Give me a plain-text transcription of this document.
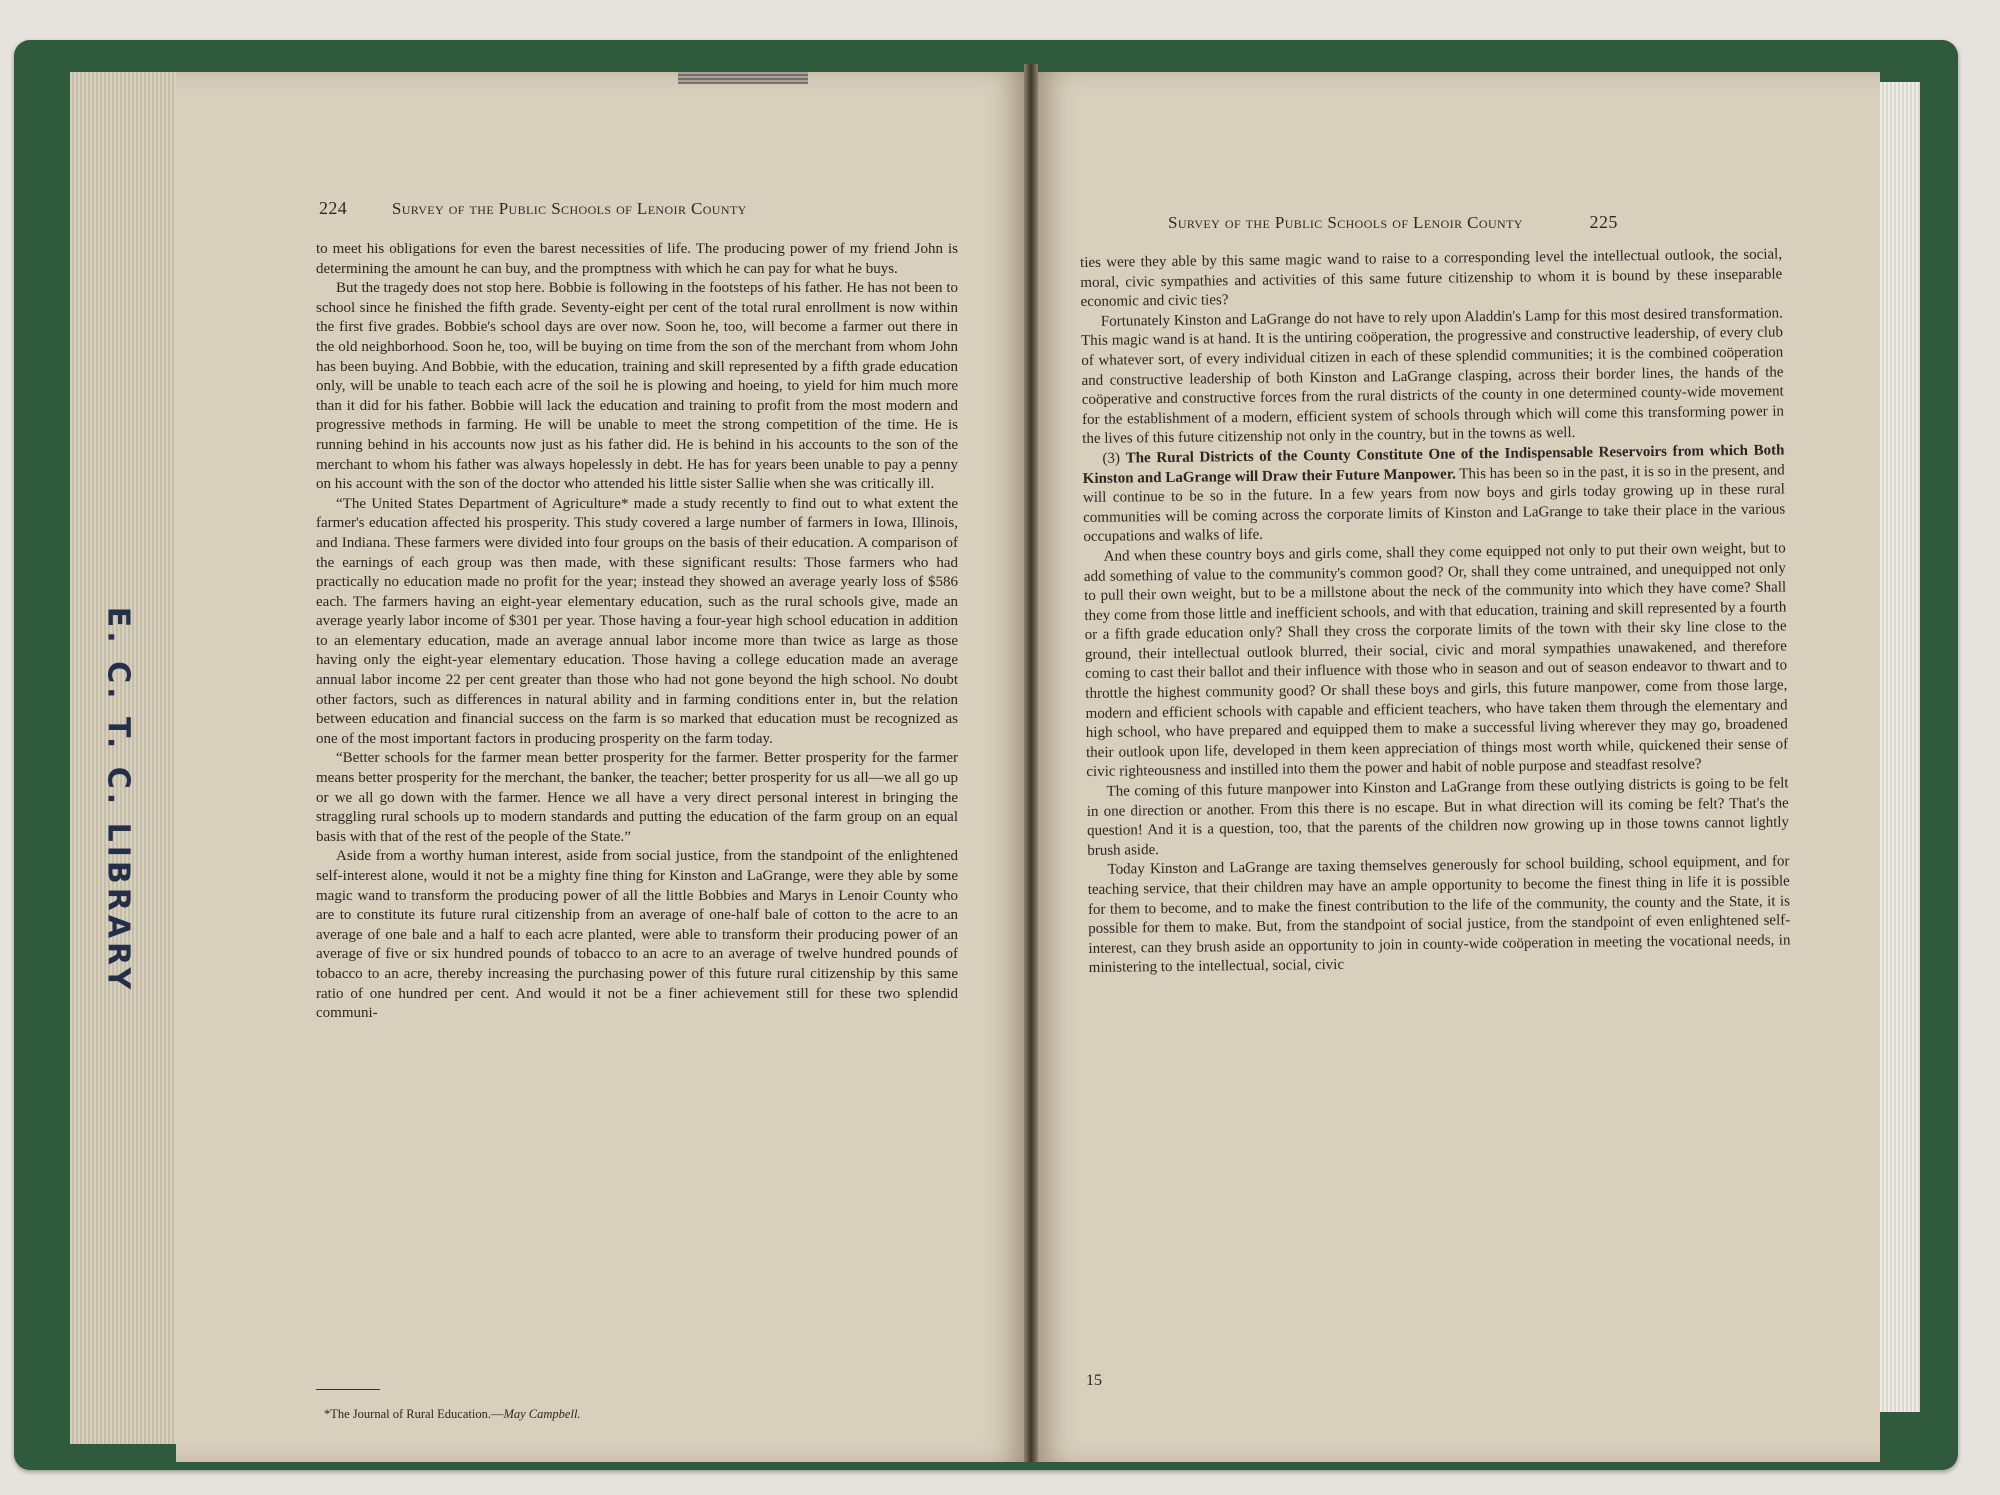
224	Survey of the Public Schools of Lenoir County

to meet his obligations for even the barest necessities of life. The producing power of my friend John is determining the amount he can buy, and the promptness with which he can pay for what he buys.

But the tragedy does not stop here. Bobbie is following in the footsteps of his father. He has not been to school since he finished the fifth grade. Seventy-eight per cent of the total rural enrollment is now within the first five grades. Bobbie's school days are over now. Soon he, too, will become a farmer out there in the old neighborhood. Soon he, too, will be buying on time from the son of the merchant from whom John has been buying. And Bobbie, with the education, training and skill represented by a fifth grade education only, will be unable to teach each acre of the soil he is plowing and hoeing, to yield for him much more than it did for his father. Bobbie will lack the education and training to profit from the most modern and progressive methods in farming. He will be unable to meet the strong competition of the time. He is running behind in his accounts now just as his father did. He is behind in his accounts to the son of the merchant to whom his father was always hopelessly in debt. He has for years been unable to pay a penny on his account with the son of the doctor who attended his little sister Sallie when she was critically ill.

“The United States Department of Agriculture* made a study recently to find out to what extent the farmer's education affected his prosperity. This study covered a large number of farmers in Iowa, Illinois, and Indiana. These farmers were divided into four groups on the basis of their education. A comparison of the earnings of each group was then made, with these significant results: Those farmers who had practically no education made no profit for the year; instead they showed an average yearly loss of $586 each. The farmers having an eight-year elementary education, such as the rural schools give, made an average yearly labor income of $301 per year. Those having a four-year high school education in addition to an elementary education, made an average annual labor income more than twice as large as those having only the eight-year elementary education. Those having a college education made an average annual labor income 22 per cent greater than those who had not gone beyond the high school. No doubt other factors, such as differences in natural ability and in farming conditions enter in, but the relation between education and financial success on the farm is so marked that education must be recognized as one of the most important factors in producing prosperity on the farm today.

“Better schools for the farmer mean better prosperity for the farmer. Better prosperity for the farmer means better prosperity for the merchant, the banker, the teacher; better prosperity for us all—we all go up or we all go down with the farmer. Hence we all have a very direct personal interest in bringing the straggling rural schools up to modern standards and putting the education of the farm group on an equal basis with that of the rest of the people of the State.”

Aside from a worthy human interest, aside from social justice, from the standpoint of the enlightened self-interest alone, would it not be a mighty fine thing for Kinston and LaGrange, were they able by some magic wand to transform the producing power of all the little Bobbies and Marys in Lenoir County who are to constitute its future rural citizenship from an average of one-half bale of cotton to the acre to an average of one bale and a half to each acre planted, were able to transform their producing power of an average of five or six hundred pounds of tobacco to an acre to an average of twelve hundred pounds of tobacco to an acre, thereby increasing the purchasing power of this future rural citizenship by this same ratio of one hundred per cent. And would it not be a finer achievement still for these two splendid communi-

*The Journal of Rural Education.—May Campbell.
E. C. T. C. LIBRARY
Survey of the Public Schools of Lenoir County	225

ties were they able by this same magic wand to raise to a corresponding level the intellectual outlook, the social, moral, civic sympathies and activities of this same future citizenship to whom it is bound by these inseparable economic and civic ties?

Fortunately Kinston and LaGrange do not have to rely upon Aladdin's Lamp for this most desired transformation. This magic wand is at hand. It is the untiring coöperation, the progressive and constructive leadership, of every club of whatever sort, of every individual citizen in each of these splendid communities; it is the combined coöperation and constructive leadership of both Kinston and LaGrange clasping, across their border lines, the hands of the coöperative and constructive forces from the rural districts of the county in one determined county-wide movement for the establishment of a modern, efficient system of schools through which will come this transforming power in the lives of this future citizenship not only in the country, but in the towns as well.

(3) The Rural Districts of the County Constitute One of the Indispensable Reservoirs from which Both Kinston and LaGrange will Draw their Future Manpower. This has been so in the past, it is so in the present, and will continue to be so in the future. In a few years from now boys and girls today growing up in these rural communities will be coming across the corporate limits of Kinston and LaGrange to take their place in the various occupations and walks of life.

And when these country boys and girls come, shall they come equipped not only to put their own weight, but to add something of value to the community's common good? Or, shall they come untrained, and unequipped not only to pull their own weight, but to be a millstone about the neck of the community into which they have come? Shall they come from those little and inefficient schools, and with that education, training and skill represented by a fourth or a fifth grade education only? Shall they cross the corporate limits of the town with their sky line close to the ground, their intellectual outlook blurred, their social, civic and moral sympathies unawakened, and therefore coming to cast their ballot and their influence with those who in season and out of season endeavor to thwart and to throttle the highest community good? Or shall these boys and girls, this future manpower, come from those large, modern and efficient schools with capable and efficient teachers, who have taken them through the elementary and high school, who have prepared and equipped them to make a successful living wherever they may go, broadened their outlook upon life, developed in them keen appreciation of things most worth while, quickened their sense of civic righteousness and instilled into them the power and habit of noble purpose and steadfast resolve?

The coming of this future manpower into Kinston and LaGrange from these outlying districts is going to be felt in one direction or another. From this there is no escape. But in what direction will its coming be felt? That's the question! And it is a question, too, that the parents of the children now growing up in those towns cannot lightly brush aside.

Today Kinston and LaGrange are taxing themselves generously for school building, school equipment, and for teaching service, that their children may have an ample opportunity to become the finest thing in life it is possible for them to become, and to make the finest contribution to the life of the community, the county and the State, it is possible for them to make. But, from the standpoint of social justice, from the standpoint of even enlightened self-interest, can they brush aside an opportunity to join in county-wide coöperation in meeting the vocational needs, in ministering to the intellectual, social, civic

15
